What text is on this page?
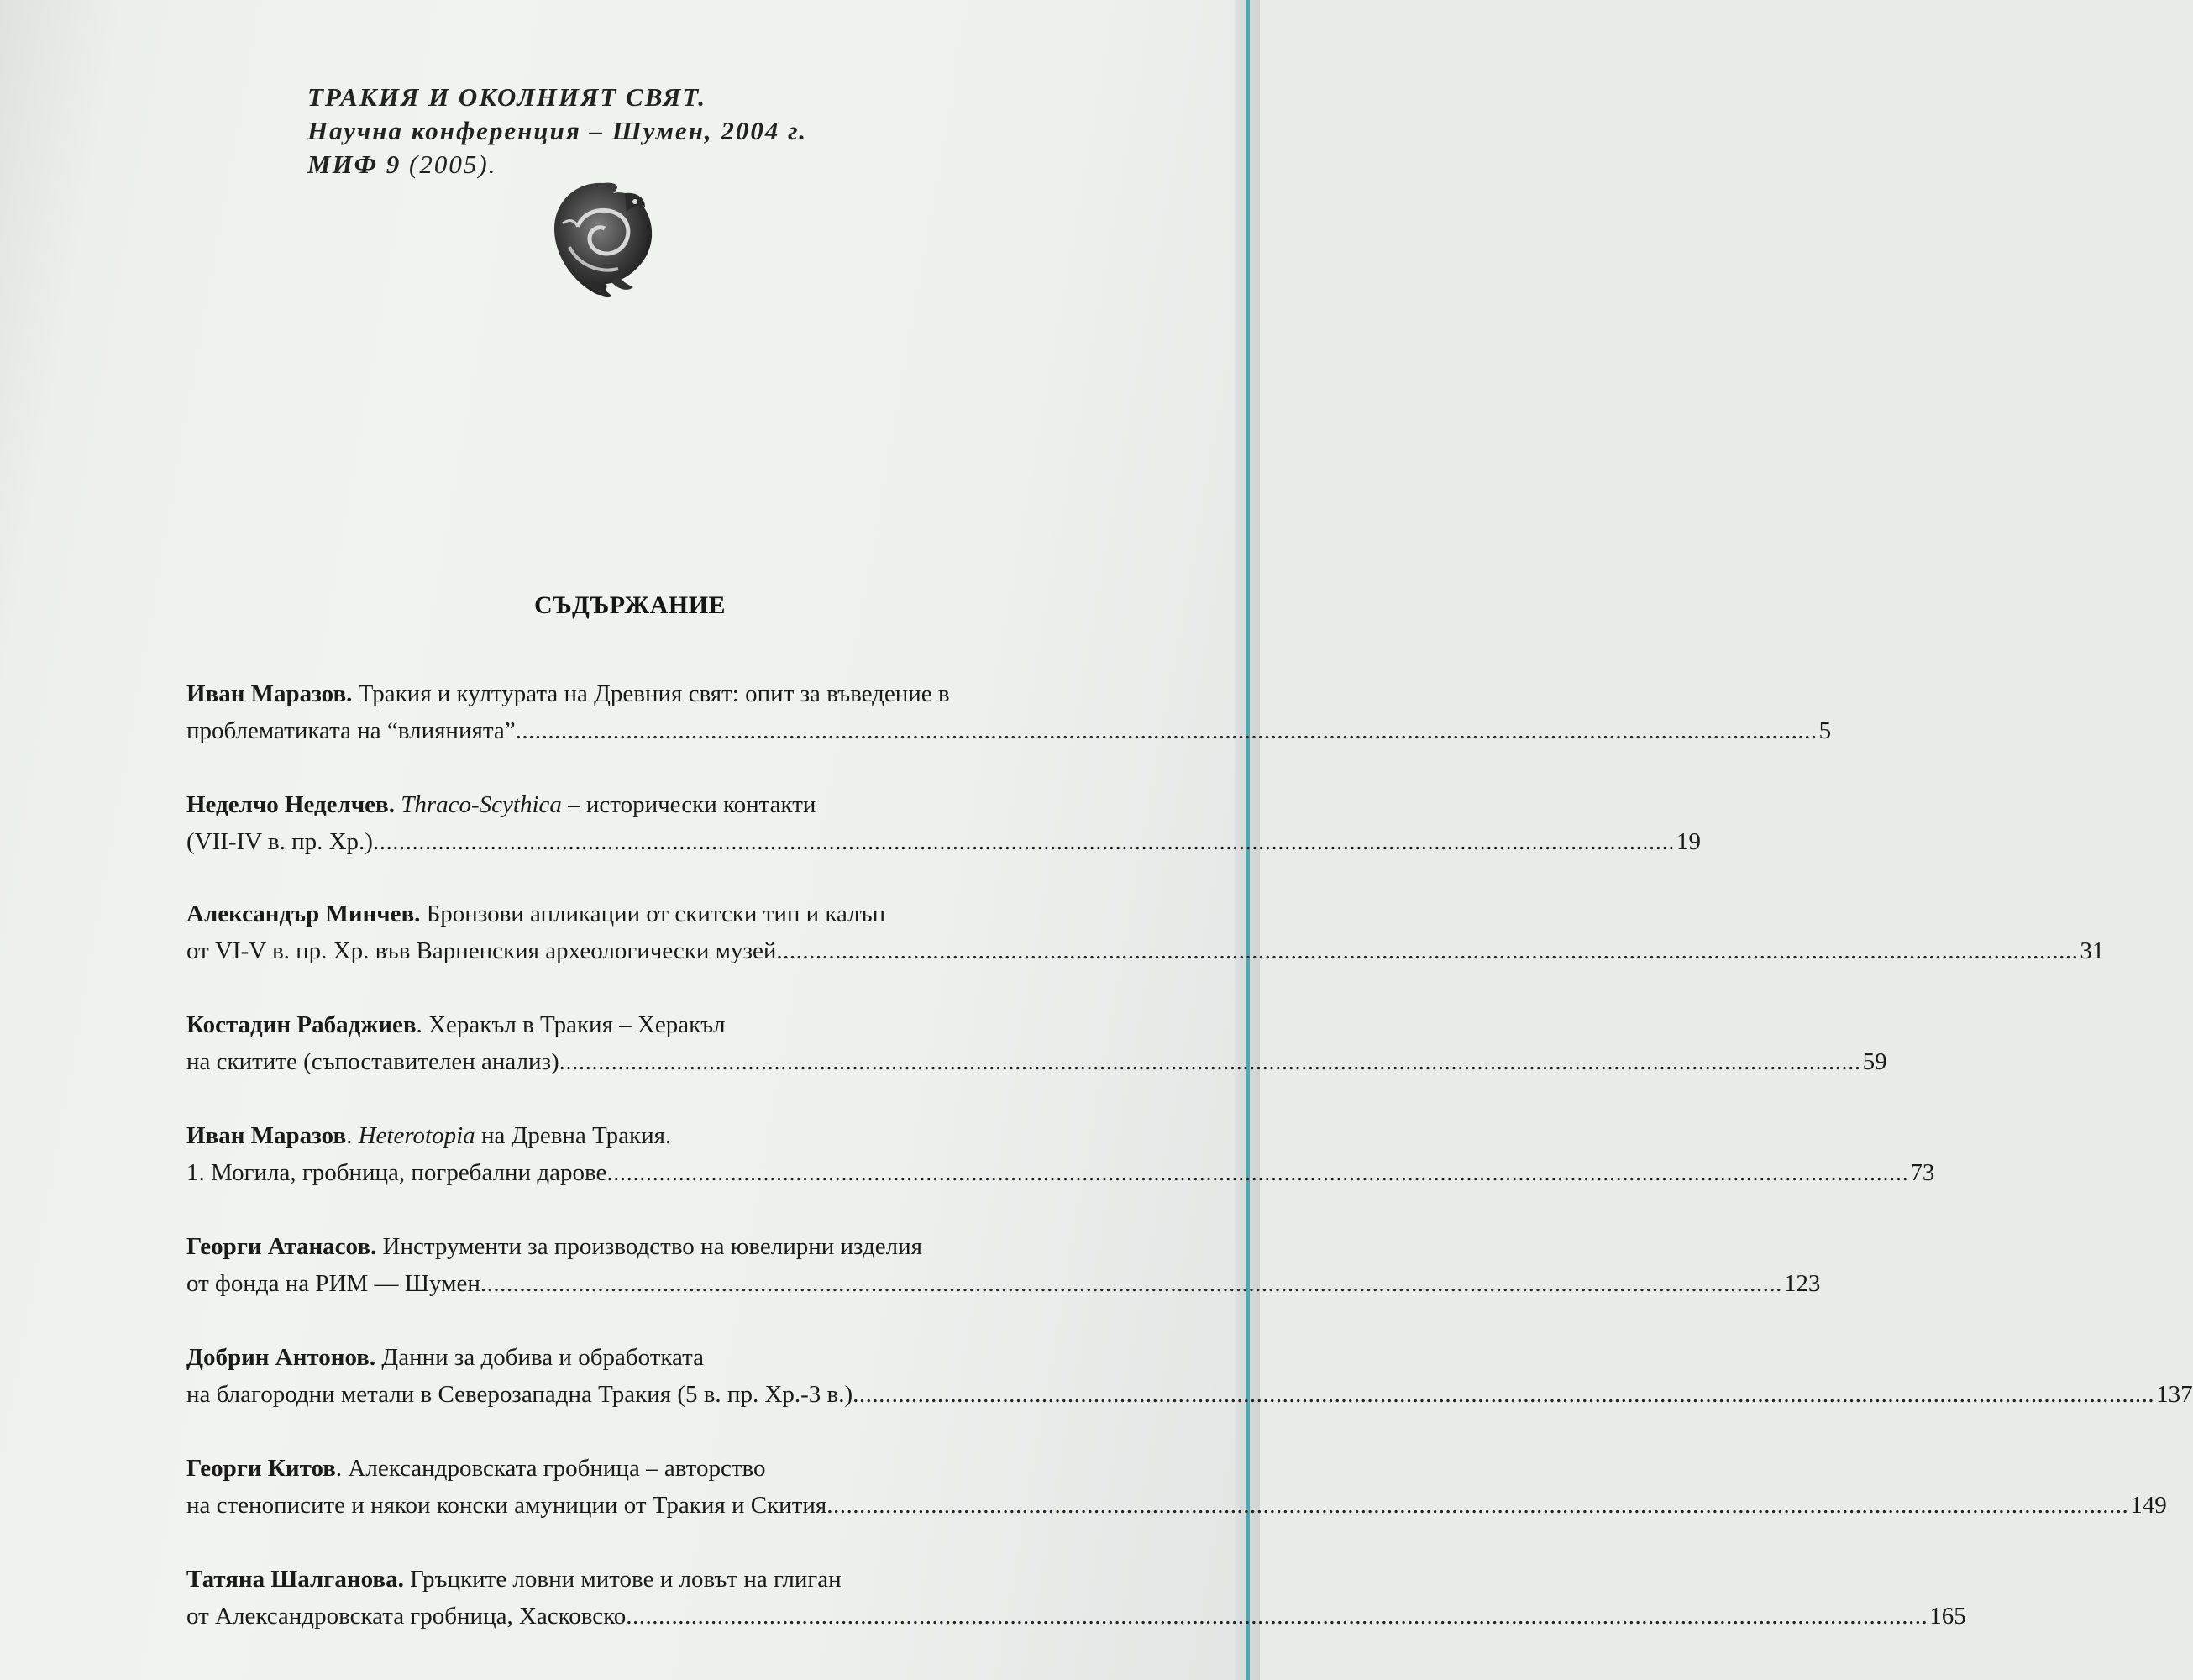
ТРАКИЯ И ОКОЛНИЯТ СВЯТ.
Научна конференция – Шумен, 2004 г.
МИФ 9 (2005).
СЪДЪРЖАНИЕ
Иван Маразов. Тракия и културата на Древния свят: опит за въведение в
проблематиката на “влиянията” ........................................................................................................................................................................................................ 5
Неделчо Неделчев. Thraco-Scythica – исторически контакти
(VII-IV в. пр. Хр.) ........................................................................................................................................................................................................ 19
Александър Минчев. Бронзови апликации от скитски тип и калъп
от VI-V в. пр. Хр. във Варненския археологически музей ........................................................................................................................................................................................................ 31
Костадин Рабаджиев. Херакъл в Тракия – Херакъл
на скитите (съпоставителен анализ) ........................................................................................................................................................................................................ 59
Иван Маразов. Heterotopia на Древна Тракия.
1. Могила, гробница, погребални дарове ........................................................................................................................................................................................................ 73
Георги Атанасов. Инструменти за производство на ювелирни изделия
от фонда на РИМ — Шумен ........................................................................................................................................................................................................ 123
Добрин Антонов. Данни за добива и обработката
на благородни метали в Северозападна Тракия (5 в. пр. Хр.-3 в.) ........................................................................................................................................................................................................ 137
Георги Китов. Александровската гробница – авторство
на стенописите и някои конски амуниции от Тракия и Скития ........................................................................................................................................................................................................ 149
Татяна Шалганова. Гръцките ловни митове и ловът на глиган
от Александровската гробница, Хасковско ........................................................................................................................................................................................................ 165
